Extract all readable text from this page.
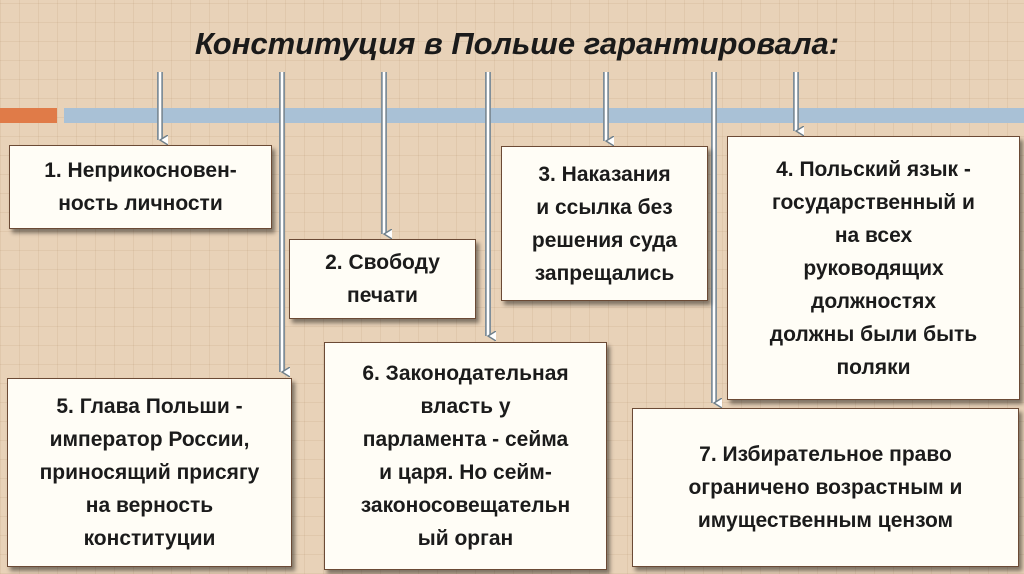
Конституция в Польше гарантировала:
1. Неприкосновен-
ность личности
2. Свободу
печати
3. Наказания
и ссылка без
решения суда
запрещались
4. Польский язык -
государственный и
на всех
руководящих
должностях
должны были быть
поляки
5. Глава Польши -
император России,
приносящий присягу
на верность
конституции
6. Законодательная
власть у
парламента - сейма
и царя. Но сейм-
законосовещательн
ый орган
7. Избирательное право
ограничено возрастным и
имущественным цензом
